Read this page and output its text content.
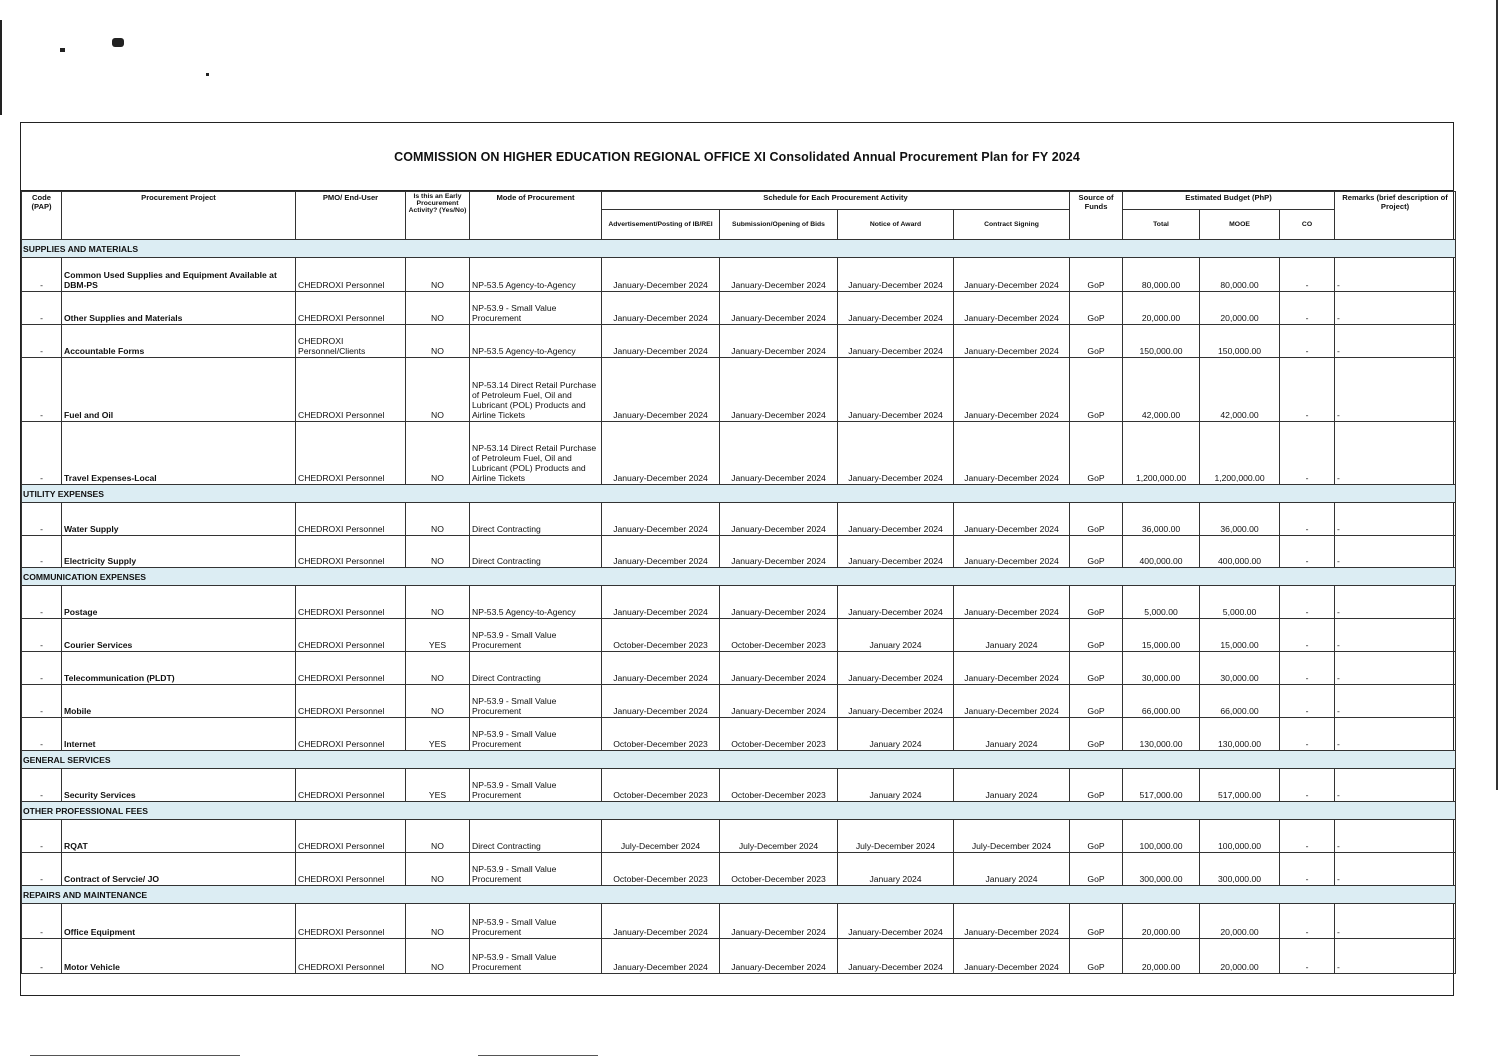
COMMISSION ON HIGHER EDUCATION REGIONAL OFFICE XI Consolidated Annual Procurement Plan for FY 2024
Code (PAP)	Procurement Project	PMO/ End-User	Is this an Early Procurement Activity? (Yes/No)	Mode of Procurement	Schedule for Each Procurement Activity				Source of Funds	Estimated Budget (PhP)			Remarks (brief description of Project)
					Advertisement/Posting of IB/REI	Submission/Opening of Bids	Notice of Award	Contract Signing		Total	MOOE	CO	
SUPPLIES AND MATERIALS													
-	Common Used Supplies and Equipment Available at DBM-PS	CHEDROXI Personnel	NO	NP-53.5 Agency-to-Agency	January-December 2024	January-December 2024	January-December 2024	January-December 2024	GoP	80,000.00	80,000.00	-	-
-	Other Supplies and Materials	CHEDROXI Personnel	NO	NP-53.9 - Small Value Procurement	January-December 2024	January-December 2024	January-December 2024	January-December 2024	GoP	20,000.00	20,000.00	-	-
-	Accountable Forms	CHEDROXI Personnel/Clients	NO	NP-53.5 Agency-to-Agency	January-December 2024	January-December 2024	January-December 2024	January-December 2024	GoP	150,000.00	150,000.00	-	-
-	Fuel and Oil	CHEDROXI Personnel	NO	NP-53.14 Direct Retail Purchase of Petroleum Fuel, Oil and Lubricant (POL) Products and Airline Tickets	January-December 2024	January-December 2024	January-December 2024	January-December 2024	GoP	42,000.00	42,000.00	-	-
-	Travel Expenses-Local	CHEDROXI Personnel	NO	NP-53.14 Direct Retail Purchase of Petroleum Fuel, Oil and Lubricant (POL) Products and Airline Tickets	January-December 2024	January-December 2024	January-December 2024	January-December 2024	GoP	1,200,000.00	1,200,000.00	-	-
UTILITY EXPENSES													
-	Water Supply	CHEDROXI Personnel	NO	Direct Contracting	January-December 2024	January-December 2024	January-December 2024	January-December 2024	GoP	36,000.00	36,000.00	-	-
-	Electricity Supply	CHEDROXI Personnel	NO	Direct Contracting	January-December 2024	January-December 2024	January-December 2024	January-December 2024	GoP	400,000.00	400,000.00	-	-
COMMUNICATION EXPENSES													
-	Postage	CHEDROXI Personnel	NO	NP-53.5 Agency-to-Agency	January-December 2024	January-December 2024	January-December 2024	January-December 2024	GoP	5,000.00	5,000.00	-	-
-	Courier Services	CHEDROXI Personnel	YES	NP-53.9 - Small Value Procurement	October-December 2023	October-December 2023	January 2024	January 2024	GoP	15,000.00	15,000.00	-	-
-	Telecommunication (PLDT)	CHEDROXI Personnel	NO	Direct Contracting	January-December 2024	January-December 2024	January-December 2024	January-December 2024	GoP	30,000.00	30,000.00	-	-
-	Mobile	CHEDROXI Personnel	NO	NP-53.9 - Small Value Procurement	January-December 2024	January-December 2024	January-December 2024	January-December 2024	GoP	66,000.00	66,000.00	-	-
-	Internet	CHEDROXI Personnel	YES	NP-53.9 - Small Value Procurement	October-December 2023	October-December 2023	January 2024	January 2024	GoP	130,000.00	130,000.00	-	-
GENERAL SERVICES													
-	Security Services	CHEDROXI Personnel	YES	NP-53.9 - Small Value Procurement	October-December 2023	October-December 2023	January 2024	January 2024	GoP	517,000.00	517,000.00	-	-
OTHER PROFESSIONAL FEES													
-	RQAT	CHEDROXI Personnel	NO	Direct Contracting	July-December 2024	July-December 2024	July-December 2024	July-December 2024	GoP	100,000.00	100,000.00	-	-
-	Contract of Servcie/ JO	CHEDROXI Personnel	NO	NP-53.9 - Small Value Procurement	October-December 2023	October-December 2023	January 2024	January 2024	GoP	300,000.00	300,000.00	-	-
REPAIRS AND MAINTENANCE													
-	Office Equipment	CHEDROXI Personnel	NO	NP-53.9 - Small Value Procurement	January-December 2024	January-December 2024	January-December 2024	January-December 2024	GoP	20,000.00	20,000.00	-	-
-	Motor Vehicle	CHEDROXI Personnel	NO	NP-53.9 - Small Value Procurement	January-December 2024	January-December 2024	January-December 2024	January-December 2024	GoP	20,000.00	20,000.00	-	-
